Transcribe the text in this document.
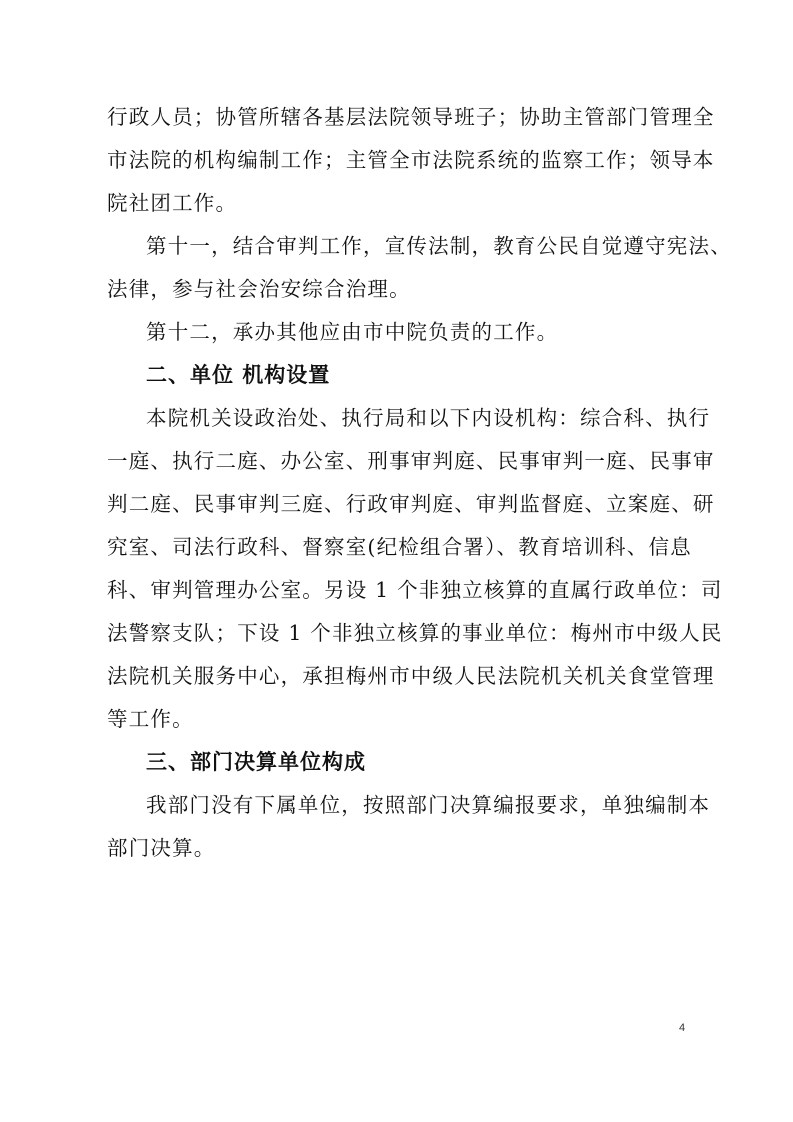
行政人员；协管所辖各基层法院领导班子；协助主管部门管理全
市法院的机构编制工作；主管全市法院系统的监察工作；领导本
院社团工作。

第十一，结合审判工作，宣传法制，教育公民自觉遵守宪法、
法律，参与社会治安综合治理。

第十二，承办其他应由市中院负责的工作。

二、单位 机构设置

本院机关设政治处、执行局和以下内设机构：综合科、执行
一庭、执行二庭、办公室、刑事审判庭、民事审判一庭、民事审
判二庭、民事审判三庭、行政审判庭、审判监督庭、立案庭、研
究室、司法行政科、督察室(纪检组合署）、教育培训科、信息
科、审判管理办公室。另设 1 个非独立核算的直属行政单位：司
法警察支队；下设 1 个非独立核算的事业单位：梅州市中级人民
法院机关服务中心，承担梅州市中级人民法院机关机关食堂管理
等工作。

三、部门决算单位构成

我部门没有下属单位，按照部门决算编报要求，单独编制本
部门决算。

4
